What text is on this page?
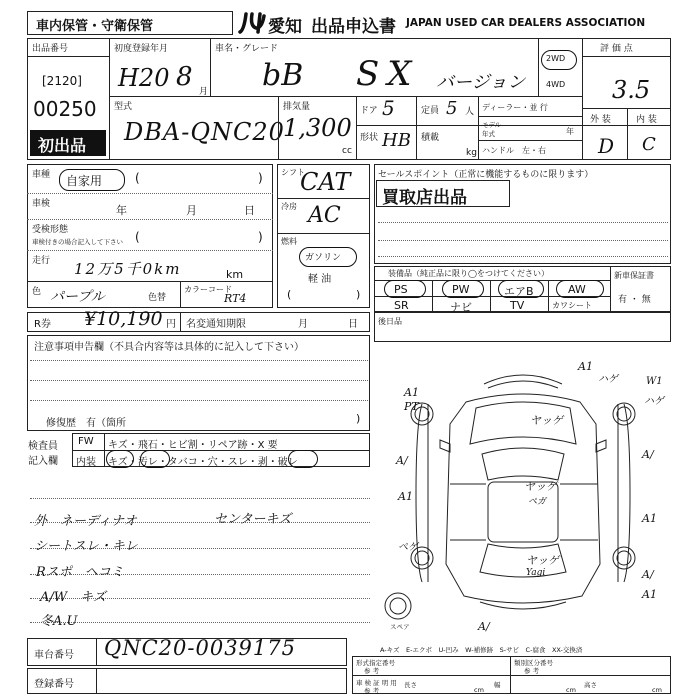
車内保管・守衛保管	愛知 出品申込書 JAPAN USED CAR DEALERS ASSOCIATION
出品番号
[2120]
00250
初出品
初度登録年月	車名・グレード
H20 8 月 bB SX バージョン
2WD
4WD
評 価 点
3.5
外 装	内 装
D C
型式
DBA-QNC20
排気量
1,300
cc
ドア 5	定員 5 人
形状 HB 積載
kg
ディーラー・並 行
モデル
年式	年
ハンドル　左・右
車種 自家用	(	)
車検	年	月	日
受検形態
車検付きの場合記入して下さい (	)
走行 12万5千0km	km
色 パープル	色替
カラーコード
RT4
シフト
CAT
冷房 AC
燃料
ガソリン
軽 油
(	)
セールスポイント（正常に機能するものに限ります）
買取店出品
装備品（純正品に限り◯をつけてください）	新車保証書
有 ・ 無
PS	PW	エアB	AW
SR	ナビ	TV	カワシート
R券 ¥10,190 円 名変通知期限	月	日	後日品
注意事項申告欄（不具合内容等は具体的に記入して下さい）
修復歴　有（箇所	)
検査員
記入欄
FW キズ・飛石・ヒビ割・リペア跡・X 要
内装 キズ・汚レ・タバコ・穴・スレ・剥・破レ
外　ネーディナオ
シートスレ・キレ
Rスポ　ヘコミ
A/W　キズ
冬A.U
センターキズ
スペア
A1
PT
A1
ハゲ	W1
ハゲ
ヤッゲ
A/	A/
ヤッゲ
ペガ
A1
A1
ヤッゲ
Yagi
ペゲ
A/
A1
A/
A-キズ　E-エクボ　U-凹み　W-補修跡　S-サビ　C-腐食　XX-交換済
車台番号 QNC20-0039175
登録番号
形式指定番号
参 考
類別区分番号
参 考
車 検 証 明 用
参 考
長さ
cm
幅
cm
高さ
cm
